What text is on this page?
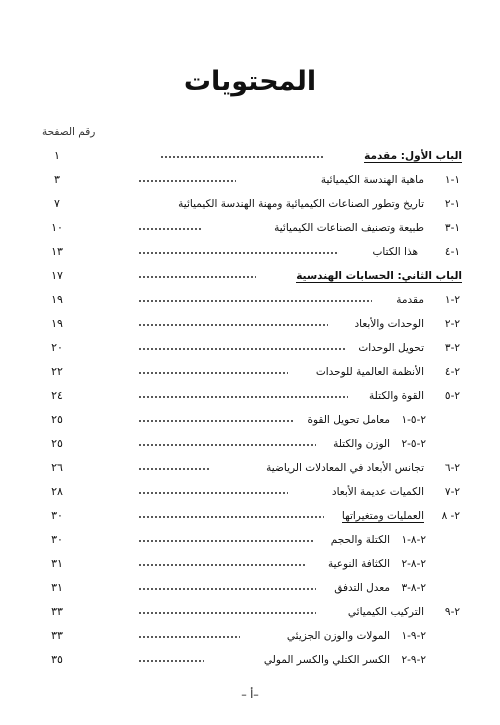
المحتويات
رقم الصفحة
الباب الأول: مقدمة
١
١-١
ماهية الهندسة الكيميائية
٣
١-٢
تاريخ وتطور الصناعات الكيميائية ومهنة الهندسة الكيميائية
٧
١-٣
طبيعة وتصنيف الصناعات الكيميائية
١٠
١-٤
هذا الكتاب
١٣
الباب الثاني: الحسابات الهندسية
١٧
٢-١
مقدمة
١٩
٢-٢
الوحدات والأبعاد
١٩
٢-٣
تحويل الوحدات
٢٠
٢-٤
الأنظمة العالمية للوحدات
٢٢
٢-٥
القوة والكتلة
٢٤
٢-٥-١
معامل تحويل القوة
٢٥
٢-٥-٢
الوزن والكتلة
٢٥
٢-٦
تجانس الأبعاد في المعادلات الرياضية
٢٦
٢-٧
الكميات عديمة الأبعاد
٢٨
٢- ٨
العمليات ومتغيراتها
٣٠
٢-٨-١
الكتلة والحجم
٣٠
٢-٨-٢
الكثافة النوعية
٣١
٢-٨-٣
معدل التدفق
٣١
٢-٩
التركيب الكيميائي
٣٣
٢-٩-١
المولات والوزن الجزيئي
٣٣
٢-٩-٢
الكسر الكتلي والكسر المولي
٣٥
–أ –
